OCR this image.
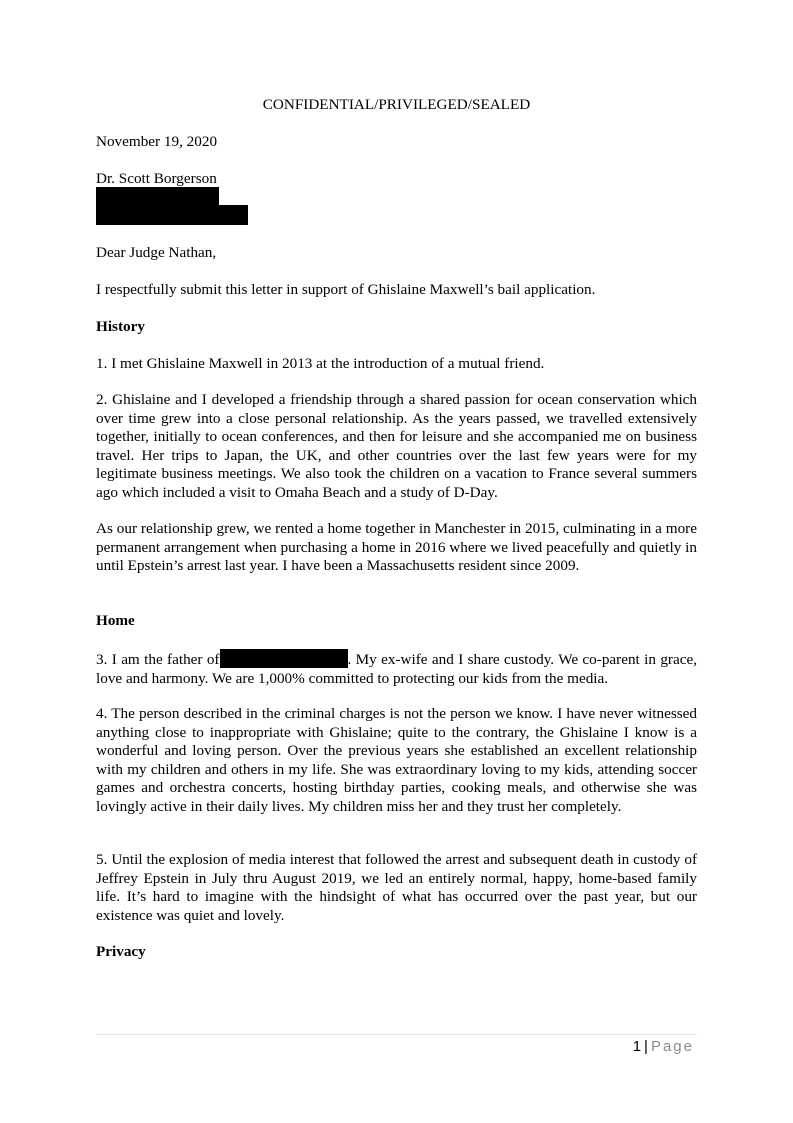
CONFIDENTIAL/PRIVILEGED/SEALED

November 19, 2020

Dr. Scott Borgerson

Dear Judge Nathan,

I respectfully submit this letter in support of Ghislaine Maxwell’s bail application.

History

1. I met Ghislaine Maxwell in 2013 at the introduction of a mutual friend.

2. Ghislaine and I developed a friendship through a shared passion for ocean conservation which over time grew into a close personal relationship. As the years passed, we travelled extensively together, initially to ocean conferences, and then for leisure and she accompanied me on business travel. Her trips to Japan, the UK, and other countries over the last few years were for my legitimate business meetings. We also took the children on a vacation to France several summers ago which included a visit to Omaha Beach and a study of D-Day.

As our relationship grew, we rented a home together in Manchester in 2015, culminating in a more permanent arrangement when purchasing a home in 2016 where we lived peacefully and quietly in until Epstein’s arrest last year. I have been a Massachusetts resident since 2009.

Home

3. I am the father of	. My ex-wife and I share custody. We co-parent in grace, love and harmony. We are 1,000% committed to protecting our kids from the media.

4. The person described in the criminal charges is not the person we know. I have never witnessed anything close to inappropriate with Ghislaine; quite to the contrary, the Ghislaine I know is a wonderful and loving person. Over the previous years she established an excellent relationship with my children and others in my life. She was extraordinary loving to my kids, attending soccer games and orchestra concerts, hosting birthday parties, cooking meals, and otherwise she was lovingly active in their daily lives. My children miss her and they trust her completely.

5. Until the explosion of media interest that followed the arrest and subsequent death in custody of Jeffrey Epstein in July thru August 2019, we led an entirely normal, happy, home-based family life. It’s hard to imagine with the hindsight of what has occurred over the past year, but our existence was quiet and lovely.

Privacy

1 | Page
